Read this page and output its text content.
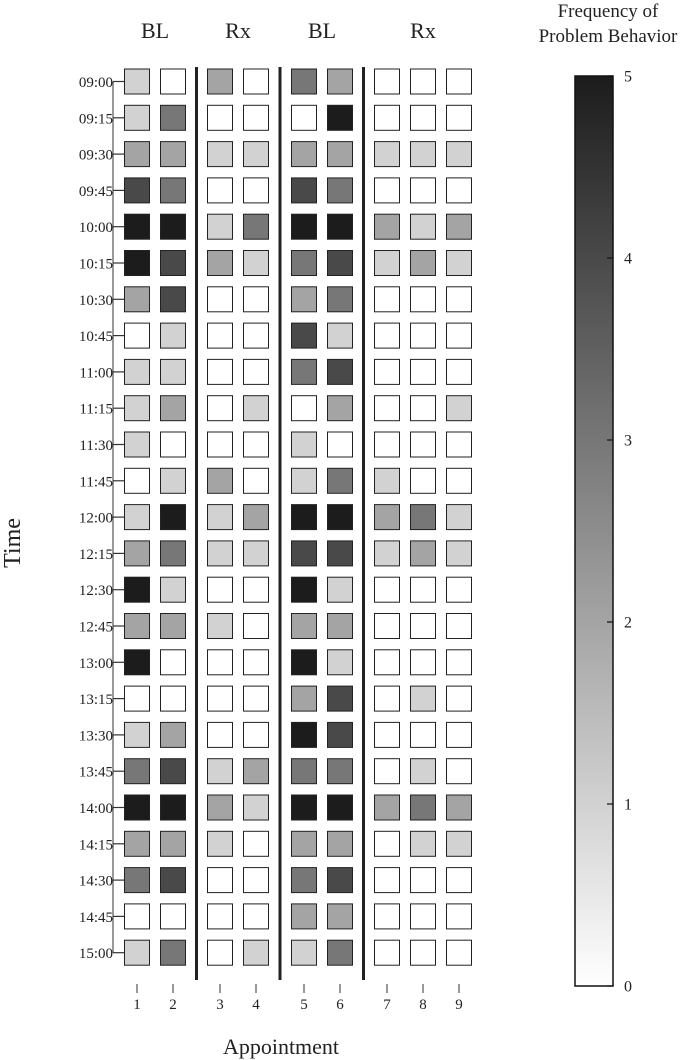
BL	Rx	BL	Rx
09:00
09:15
09:30
09:45
10:00
10:15
10:30
10:45
11:00
11:15
11:30
11:45
12:00
12:15
12:30
12:45
13:00
13:15
13:30
13:45
14:00
14:15
14:30
14:45
15:00
1 2	3 4	5 6	7 8 9
Appointment
Time
Frequency of
Problem Behavior
0
1
2
3
4
5
